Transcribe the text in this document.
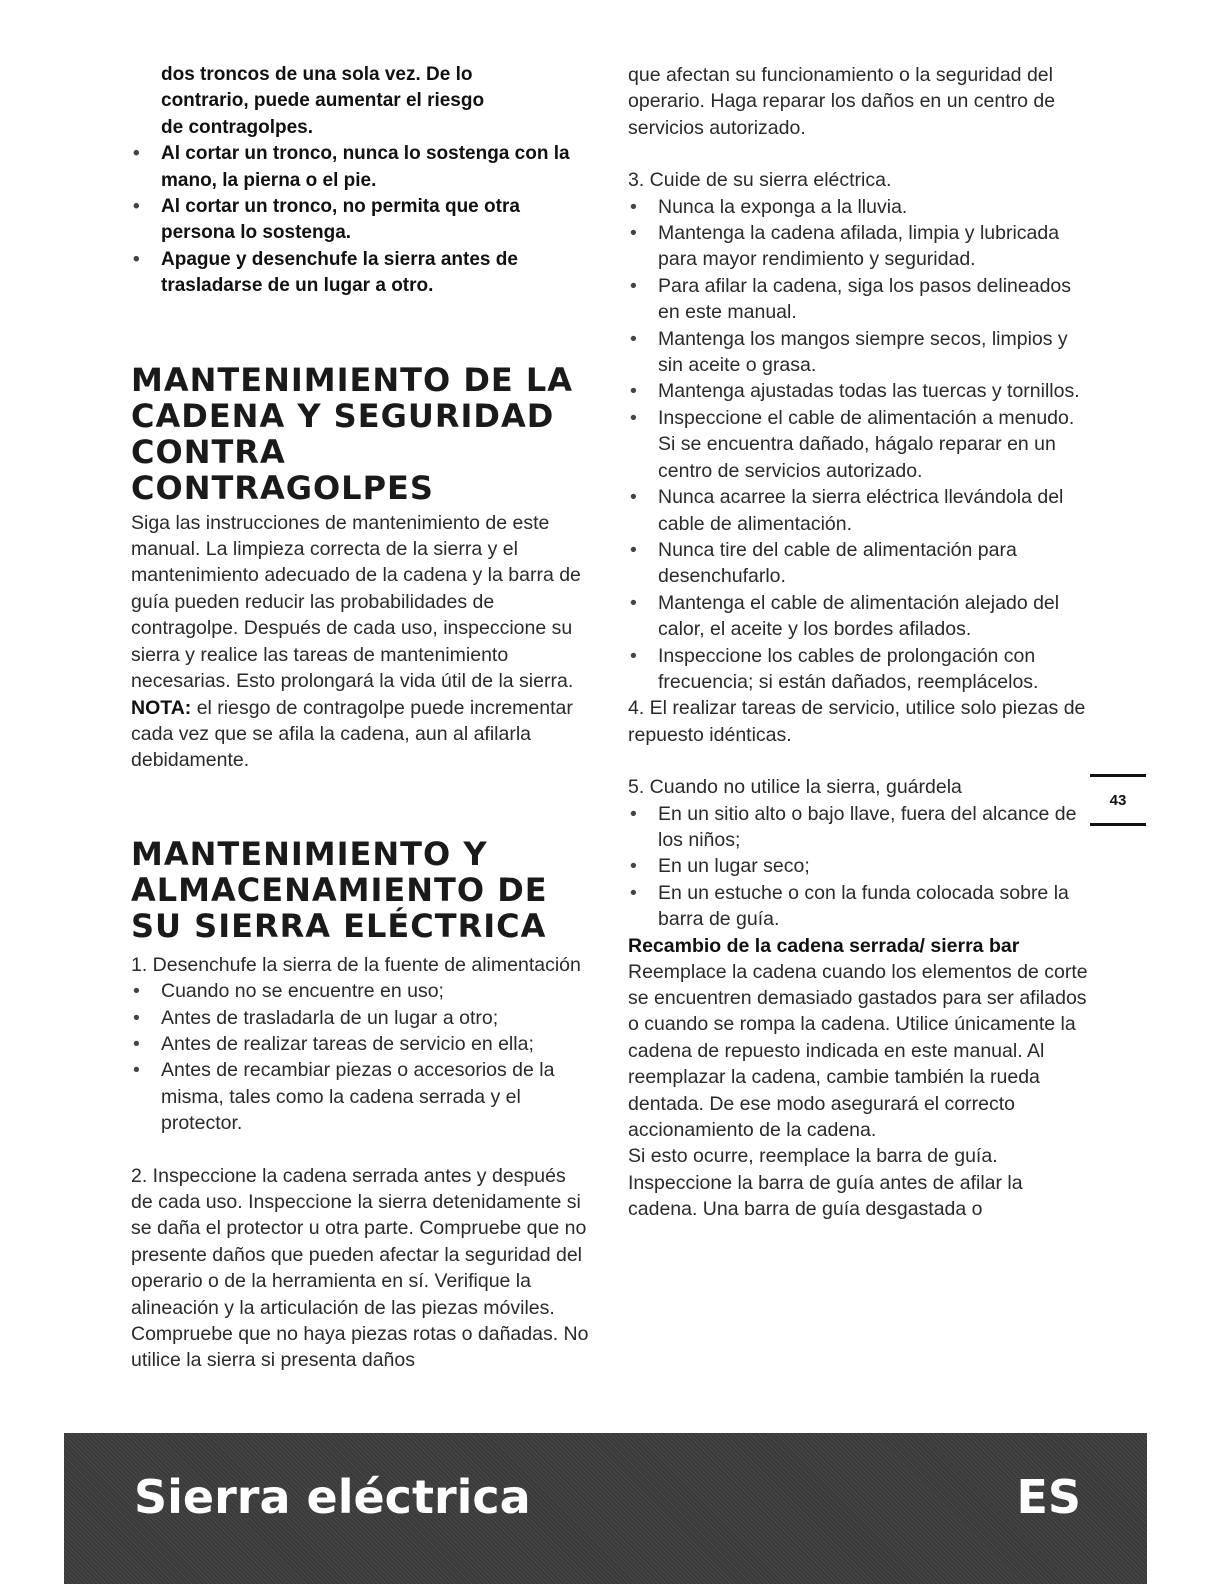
dos troncos de una sola vez. De lo
contrario, puede aumentar el riesgo
de contragolpes.
• Al cortar un tronco, nunca lo sostenga con la mano, la pierna o el pie.
• Al cortar un tronco, no permita que otra persona lo sostenga.
• Apague y desenchufe la sierra antes de trasladarse de un lugar a otro.
MANTENIMIENTO DE LA CADENA Y SEGURIDAD CONTRA CONTRAGOLPES

Siga las instrucciones de mantenimiento de este manual. La limpieza correcta de la sierra y el mantenimiento adecuado de la cadena y la barra de guía pueden reducir las probabilidades de contragolpe. Después de cada uso, inspeccione su sierra y realice las tareas de mantenimiento necesarias. Esto prolongará la vida útil de la sierra.

NOTA: el riesgo de contragolpe puede incrementar cada vez que se afila la cadena, aun al afilarla debidamente.

MANTENIMIENTO Y ALMACENAMIENTO DE SU SIERRA ELÉCTRICA

1. Desenchufe la sierra de la fuente de alimentación

• Cuando no se encuentre en uso;
• Antes de trasladarla de un lugar a otro;
• Antes de realizar tareas de servicio en ella;
• Antes de recambiar piezas o accesorios de la misma, tales como la cadena serrada y el protector.

2. Inspeccione la cadena serrada antes y después de cada uso. Inspeccione la sierra detenidamente si se daña el protector u otra parte. Compruebe que no presente daños que pueden afectar la seguridad del operario o de la herramienta en sí. Verifique la alineación y la articulación de las piezas móviles. Compruebe que no haya piezas rotas o dañadas. No utilice la sierra si presenta daños

que afectan su funcionamiento o la seguridad del operario. Haga reparar los daños en un centro de servicios autorizado.

3. Cuide de su sierra eléctrica.

• Nunca la exponga a la lluvia.
• Mantenga la cadena afilada, limpia y lubricada para mayor rendimiento y seguridad.
• Para afilar la cadena, siga los pasos delineados en este manual.
• Mantenga los mangos siempre secos, limpios y sin aceite o grasa.
• Mantenga ajustadas todas las tuercas y tornillos.
• Inspeccione el cable de alimentación a menudo. Si se encuentra dañado, hágalo reparar en un centro de servicios autorizado.
• Nunca acarree la sierra eléctrica llevándola del cable de alimentación.
• Nunca tire del cable de alimentación para desenchufarlo.
• Mantenga el cable de alimentación alejado del calor, el aceite y los bordes afilados.
• Inspeccione los cables de prolongación con frecuencia; si están dañados, reemplácelos.

4. El realizar tareas de servicio, utilice solo piezas de repuesto idénticas.

5. Cuando no utilice la sierra, guárdela

• En un sitio alto o bajo llave, fuera del alcance de los niños;
• En un lugar seco;
• En un estuche o con la funda colocada sobre la barra de guía.
Recambio de la cadena serrada/ sierra bar

Reemplace la cadena cuando los elementos de corte se encuentren demasiado gastados para ser afilados o cuando se rompa la cadena. Utilice únicamente la cadena de repuesto indicada en este manual. Al reemplazar la cadena, cambie también la rueda dentada. De ese modo asegurará el correcto accionamiento de la cadena.

Si esto ocurre, reemplace la barra de guía. Inspeccione la barra de guía antes de afilar la cadena. Una barra de guía desgastada o

43
Sierra eléctrica	ES
